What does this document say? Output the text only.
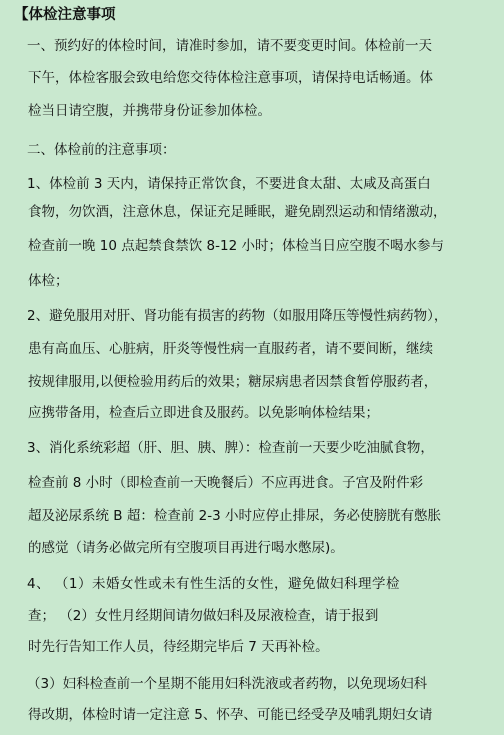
【体检注意事项
一、预约好的体检时间，请准时参加，请不要变更时间。体检前一天
下午，体检客服会致电给您交待体检注意事项，请保持电话畅通。体
检当日请空腹，并携带身份证参加体检。
二、体检前的注意事项：
1、体检前 3 天内，请保持正常饮食，不要进食太甜、太咸及高蛋白
食物，勿饮酒，注意休息，保证充足睡眠，避免剧烈运动和情绪激动，
检查前一晚 10 点起禁食禁饮 8-12 小时；体检当日应空腹不喝水参与
体检；
2、避免服用对肝、肾功能有损害的药物（如服用降压等慢性病药物），
患有高血压、心脏病，肝炎等慢性病一直服药者，请不要间断，继续
按规律服用,以便检验用药后的效果；糖尿病患者因禁食暂停服药者，
应携带备用，检查后立即进食及服药。以免影响体检结果；
3、消化系统彩超（肝、胆、胰、脾）：检查前一天要少吃油腻食物，
检查前 8 小时（即检查前一天晚餐后）不应再进食。子宫及附件彩
超及泌尿系统 B 超：检查前 2-3 小时应停止排尿，务必使膀胱有憋胀
的感觉（请务必做完所有空腹项目再进行喝水憋尿)。
4、 （1）未婚女性或未有性生活的女性，避免做妇科理学检
查； （2）女性月经期间请勿做妇科及尿液检查，请于报到
时先行告知工作人员，待经期完毕后 7 天再补检。
（3）妇科检查前一个星期不能用妇科洗液或者药物，以免现场妇科
得改期，体检时请一定注意 5、怀孕、可能已经受孕及哺乳期妇女请
